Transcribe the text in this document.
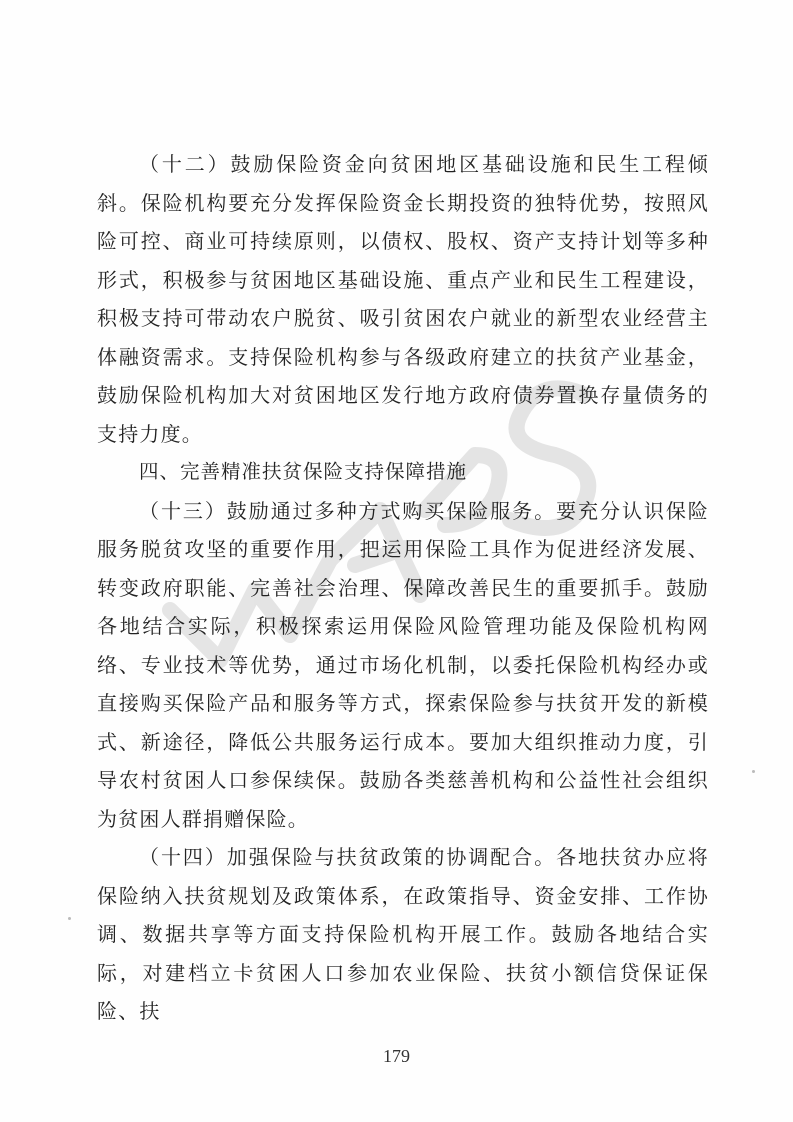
（十二）鼓励保险资金向贫困地区基础设施和民生工程倾斜。保险机构要充分发挥保险资金长期投资的独特优势，按照风险可控、商业可持续原则，以债权、股权、资产支持计划等多种形式，积极参与贫困地区基础设施、重点产业和民生工程建设，积极支持可带动农户脱贫、吸引贫困农户就业的新型农业经营主体融资需求。支持保险机构参与各级政府建立的扶贫产业基金，鼓励保险机构加大对贫困地区发行地方政府债券置换存量债务的支持力度。

四、完善精准扶贫保险支持保障措施

（十三）鼓励通过多种方式购买保险服务。要充分认识保险服务脱贫攻坚的重要作用，把运用保险工具作为促进经济发展、转变政府职能、完善社会治理、保障改善民生的重要抓手。鼓励各地结合实际，积极探索运用保险风险管理功能及保险机构网络、专业技术等优势，通过市场化机制，以委托保险机构经办或直接购买保险产品和服务等方式，探索保险参与扶贫开发的新模式、新途径，降低公共服务运行成本。要加大组织推动力度，引导农村贫困人口参保续保。鼓励各类慈善机构和公益性社会组织为贫困人群捐赠保险。

（十四）加强保险与扶贫政策的协调配合。各地扶贫办应将保险纳入扶贫规划及政策体系，在政策指导、资金安排、工作协调、数据共享等方面支持保险机构开展工作。鼓励各地结合实际，对建档立卡贫困人口参加农业保险、扶贫小额信贷保证保险、扶

179
